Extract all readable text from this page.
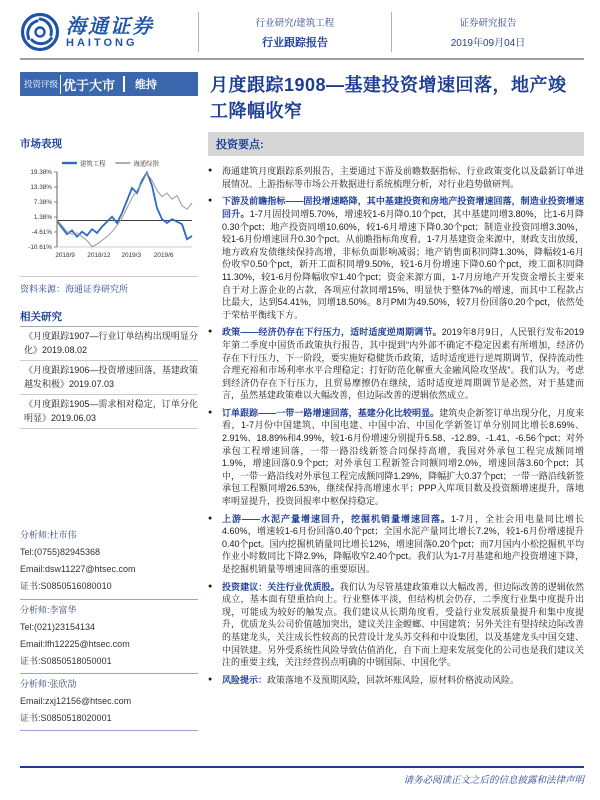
海通证券
HAITONG
行业研究/建筑工程
行业跟踪报告
证券研究报告
2019年09月04日
投资评级 优于大市	维持	月度跟踪1908—基建投资增速回落，地产竣工降幅收窄
市场表现
19.38%
13.38%
7.38%
1.38%
-4.61%
-10.61%
2018/9 2018/12 2019/3 2019/6
建筑工程	海通综指
资料来源：海通证券研究所
相关研究
《月度跟踪1907—行业订单结构出现明显分化》2019.08.02
《月度跟踪1906—投资增速回落，基建政策越发积极》2019.07.03
《月度跟踪1905—需求相对稳定，订单分化明显》2019.06.03
分析师:杜市伟
Tel:(0755)82945368
Email:dsw11227@htsec.com
证书:S0850516080010
分析师:李富华
Tel:(021)23154134
Email:lfh12225@htsec.com
证书:S0850518050001
分析师:张欣劼
Email:zxj12156@htsec.com
证书:S0850518020001
投资要点:
● 海通建筑月度跟踪系列报告，主要通过下游及前瞻数据指标、行业政策变化以及最新订单进展情况、上游指标等市场公开数据进行系统梳理分析，对行业趋势做研判。
● 下游及前瞻指标——固投增速略降，其中基建投资和房地产投资增速回落，制造业投资增速回升。1-7月固投同增5.70%，增速较1-6月降0.10个pct，其中基建同增3.80%，比1-6月降0.30个pct；地产投资同增10.60%，较1-6月增速下降0.30个pct；制造业投资同增3.30%，较1-6月份增速回升0.30个pct。从前瞻指标角度看，1-7月基建资金来源中，财政支出放缓，地方政府发债继续保持高增，非标负面影响减弱；地产销售面积同降1.30%，降幅较1-6月份收窄0.50个pct，新开工面积同增9.50%，较1-6月份增速下降0.60个pct，竣工面积同降11.30%，较1-6月份降幅收窄1.40个pct；资金来源方面，1-7月房地产开发资金增长主要来自于对上游企业的占款，各项应付款同增15%，明显快于整体7%的增速，而其中工程款占比最大，达到54.41%，同增18.50%。8月PMI为49.50%，较7月份回落0.20个pct，依然处于荣枯平衡线下方。
● 政策——经济仍存在下行压力，适时适度逆周期调节。2019年8月9日，人民银行发布2019年第二季度中国货币政策执行报告，其中提到“内外部不确定不稳定因素有所增加，经济仍存在下行压力，下一阶段，要实施好稳健货币政策，适时适度进行逆周期调节，保持流动性合理充裕和市场利率水平合理稳定；打好防范化解重大金融风险攻坚战”。我们认为，考虑到经济仍存在下行压力，且贸易摩擦仍在继续，适时适度逆周期调节是必然，对于基建而言，虽然基建政策难以大幅改善，但边际改善的逻辑依然成立。
● 订单跟踪——一带一路增速回落，基建分化比较明显。建筑央企新签订单出现分化，月度来看，1-7月份中国建筑、中国电建、中国中冶、中国化学新签订单分别同比增长8.69%、2.91%、18.89%和4.99%，较1-6月份增速分别提升5.58、-12.89、-1.41、-6.56个pct；对外承包工程增速回落，一带一路沿线新签合同保持高增，我国对外承包工程完成额同增1.9%，增速回落0.9个pct；对外承包工程新签合同额同增2.0%，增速回落3.60个pct；其中，一带一路沿线对外承包工程完成额同降1.29%，降幅扩大0.37个pct；一带一路沿线新签承包工程额同增26.53%，继续保持高增速水平；PPP入库项目数及投资额增速提升，落地率明显提升，投资回报率中枢保持稳定。
● 上游——水泥产量增速回升，挖掘机销量增速回落。1-7月，全社会用电量同比增长4.60%，增速较1-6月份回落0.40个pct；全国水泥产量同比增长7.2%，较1-6月份增速提升0.40个pct。国内挖掘机销量同比增长12%，增速回落0.20个pct；而7月国内小松挖掘机平均作业小时数同比下降2.9%，降幅收窄2.40个pct。我们认为1-7月基建和地产投资增速下降，是挖掘机销量等增速回落的重要原因。
● 投资建议：关注行业优质股。我们认为尽管基建政策难以大幅改善，但边际改善的逻辑依然成立，基本面有望重拾向上。行业整体平淡，但结构机会仍存，二季度行业集中度提升出现，可能成为较好的触发点。我们建议从长期角度看，受益行业发展质量提升和集中度提升，优质龙头公司价值越加突出，建议关注金螳螂、中国建筑；另外关注有望持续边际改善的基建龙头，关注成长性较高的民营设计龙头苏交科和中设集团，以及基建龙头中国交建、中国铁建。另外受系统性风险导致估值消化，自下而上迎来发展变化的公司也是我们建议关注的重要主线，关注经营拐点明确的中钢国际、中国化学。
● 风险提示：政策落地不及预期风险，回款坏账风险，原材料价格波动风险。
请务必阅读正文之后的信息披露和法律声明
